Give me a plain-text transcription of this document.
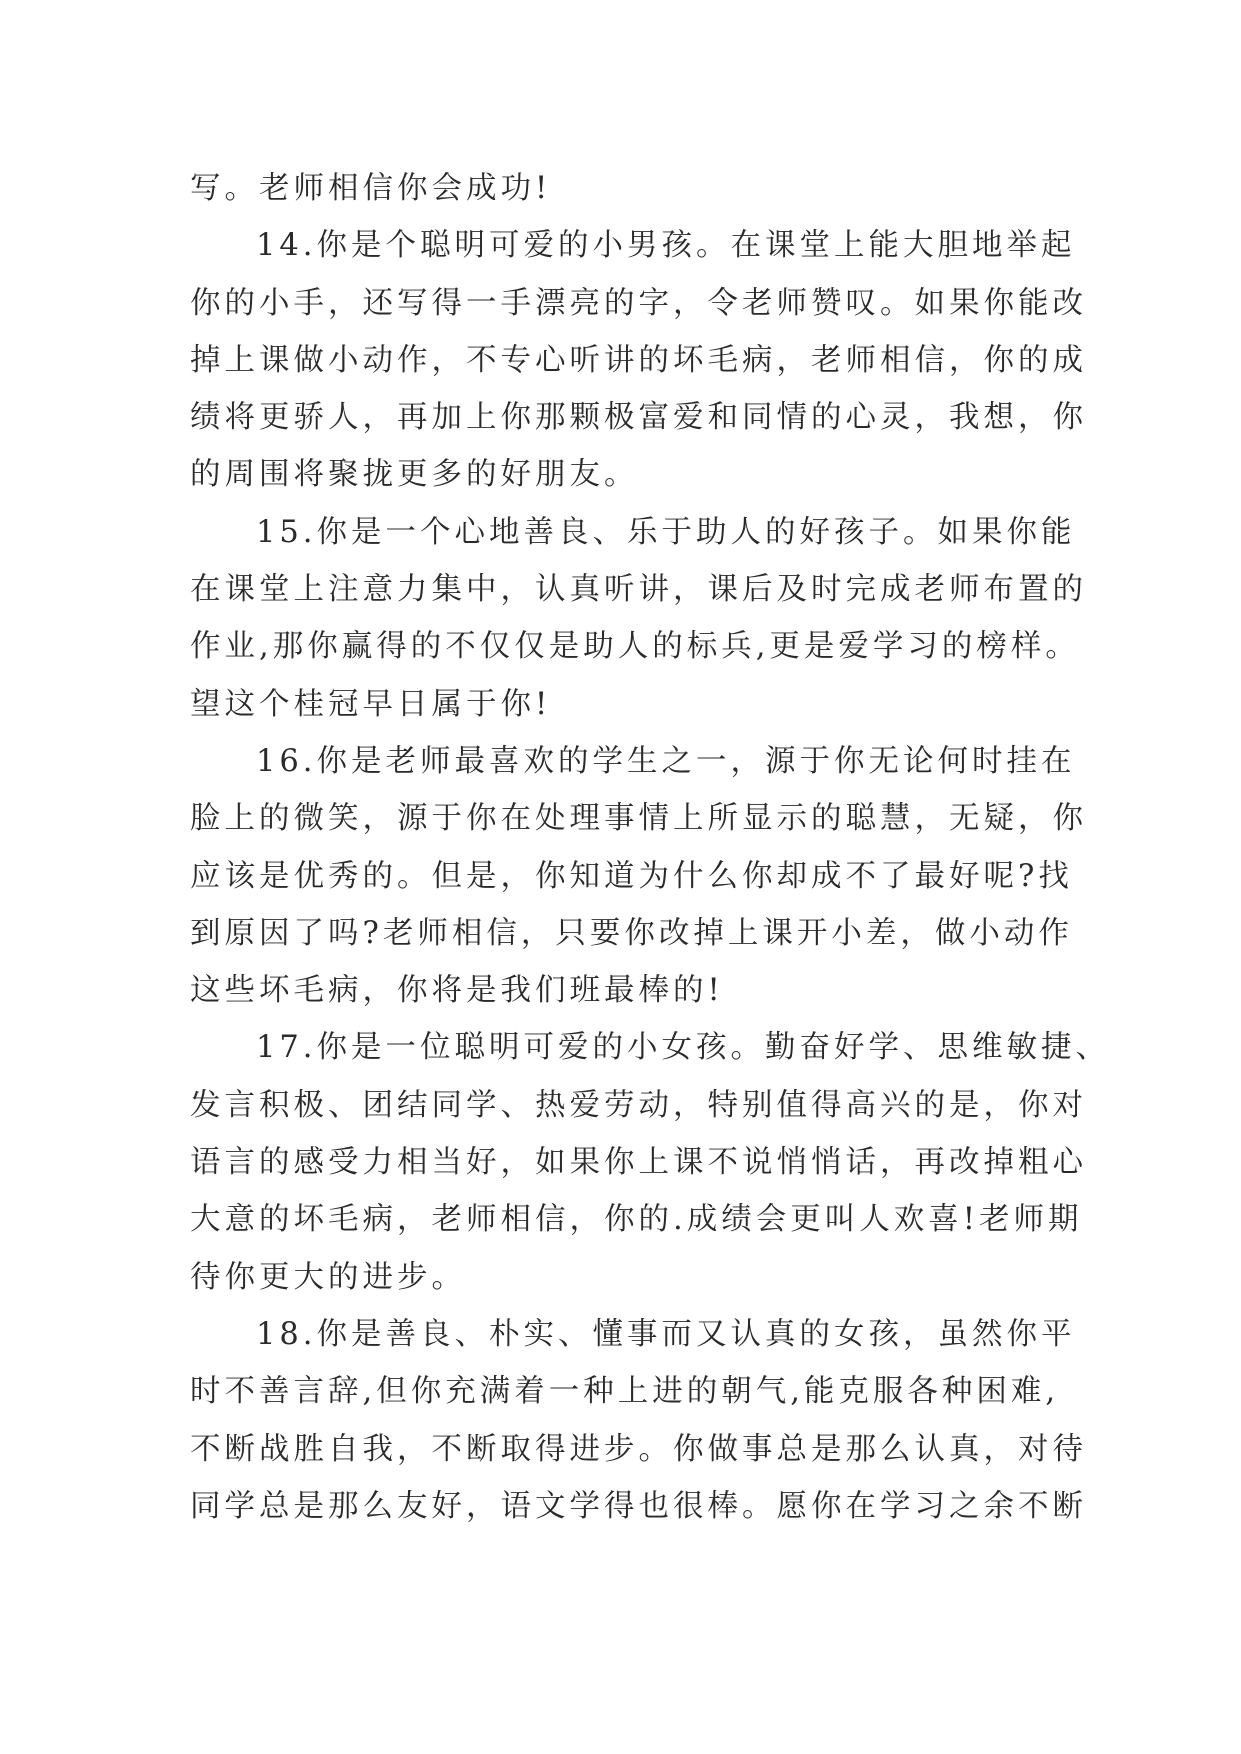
写。老师相信你会成功!
14.你是个聪明可爱的小男孩。在课堂上能大胆地举起
你的小手，还写得一手漂亮的字，令老师赞叹。如果你能改
掉上课做小动作，不专心听讲的坏毛病，老师相信，你的成
绩将更骄人，再加上你那颗极富爱和同情的心灵，我想，你
的周围将聚拢更多的好朋友。
15.你是一个心地善良、乐于助人的好孩子。如果你能
在课堂上注意力集中，认真听讲，课后及时完成老师布置的
作业,那你赢得的不仅仅是助人的标兵,更是爱学习的榜样。
望这个桂冠早日属于你!
16.你是老师最喜欢的学生之一，源于你无论何时挂在
脸上的微笑，源于你在处理事情上所显示的聪慧，无疑，你
应该是优秀的。但是，你知道为什么你却成不了最好呢?找
到原因了吗?老师相信，只要你改掉上课开小差，做小动作
这些坏毛病，你将是我们班最棒的!
17.你是一位聪明可爱的小女孩。勤奋好学、思维敏捷、
发言积极、团结同学、热爱劳动，特别值得高兴的是，你对
语言的感受力相当好，如果你上课不说悄悄话，再改掉粗心
大意的坏毛病，老师相信，你的.成绩会更叫人欢喜!老师期
待你更大的进步。
18.你是善良、朴实、懂事而又认真的女孩，虽然你平
时不善言辞,但你充满着一种上进的朝气,能克服各种困难,
不断战胜自我，不断取得进步。你做事总是那么认真，对待
同学总是那么友好，语文学得也很棒。愿你在学习之余不断
